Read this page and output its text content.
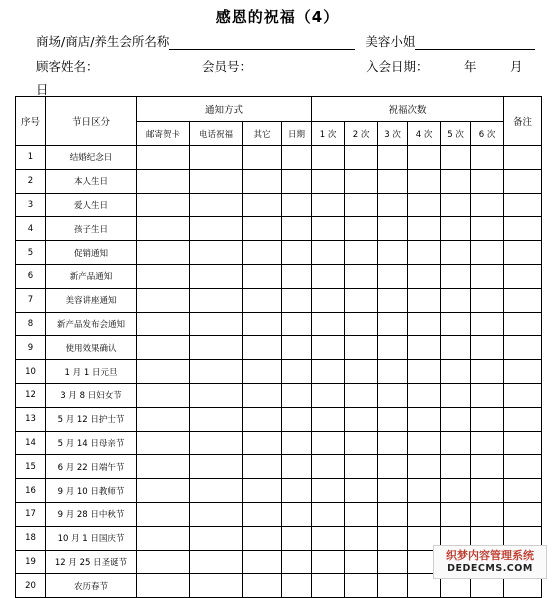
感恩的祝福（4）
商场/商店/养生会所名称	美容小姐
顾客姓名：	会员号：	入会日期：	年	月
日
序号	节日区分	通知方式				祝福次数						备注
		邮寄贺卡	电话祝福	其它	日期	1 次	2 次	3 次	4 次	5 次	6 次	
1	结婚纪念日											
2	本人生日											
3	爱人生日											
4	孩子生日											
5	促销通知											
6	新产品通知											
7	美容讲座通知											
8	新产品发布会通知											
9	使用效果确认											
10	1 月 1 日元旦											
12	3 月 8 日妇女节											
13	5 月 12 日护士节											
14	5 月 14 日母亲节											
15	6 月 22 日端午节											
16	9 月 10 日教师节											
17	9 月 28 日中秋节											
18	10 月 1 日国庆节											
19	12 月 25 日圣诞节											
20	农历春节											
织梦内容管理系统
DEDECMS.COM
